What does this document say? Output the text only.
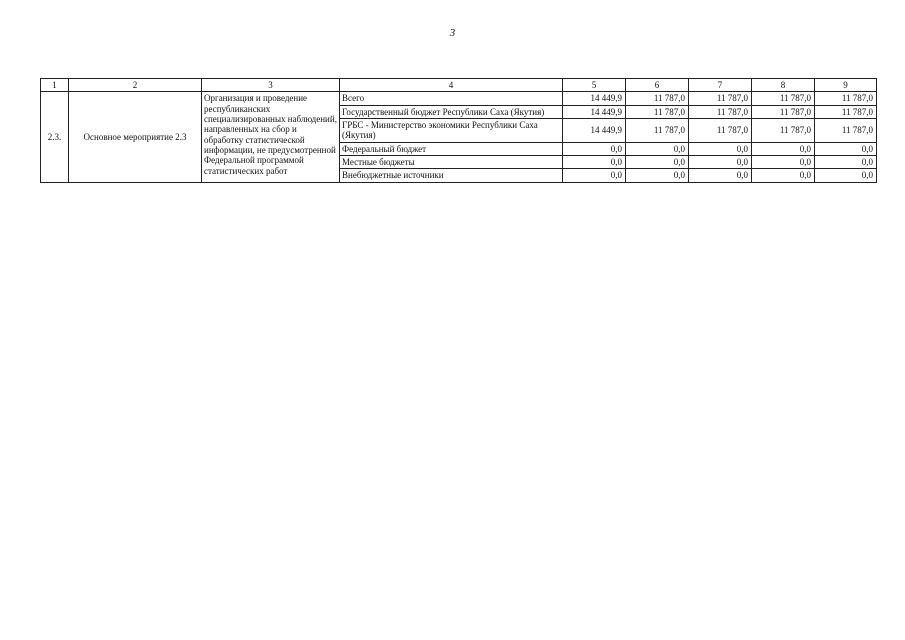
3
1	2	3	4	5	6	7	8	9
2.3.	Основное мероприятие 2.3	Организация и проведение республиканских специализированных наблюдений, направленных на сбор и обработку статистической информации, не предусмотренной Федеральной программой статистических работ	Всего	14 449,9	11 787,0	11 787,0	11 787,0	11 787,0
			Государственный бюджет Республики Саха (Якутия)	14 449,9	11 787,0	11 787,0	11 787,0	11 787,0
			ГРБС - Министерство экономики Республики Саха (Якутия)	14 449,9	11 787,0	11 787,0	11 787,0	11 787,0
			Федеральный бюджет	0,0	0,0	0,0	0,0	0,0
			Местные бюджеты	0,0	0,0	0,0	0,0	0,0
			Внебюджетные источники	0,0	0,0	0,0	0,0	0,0
